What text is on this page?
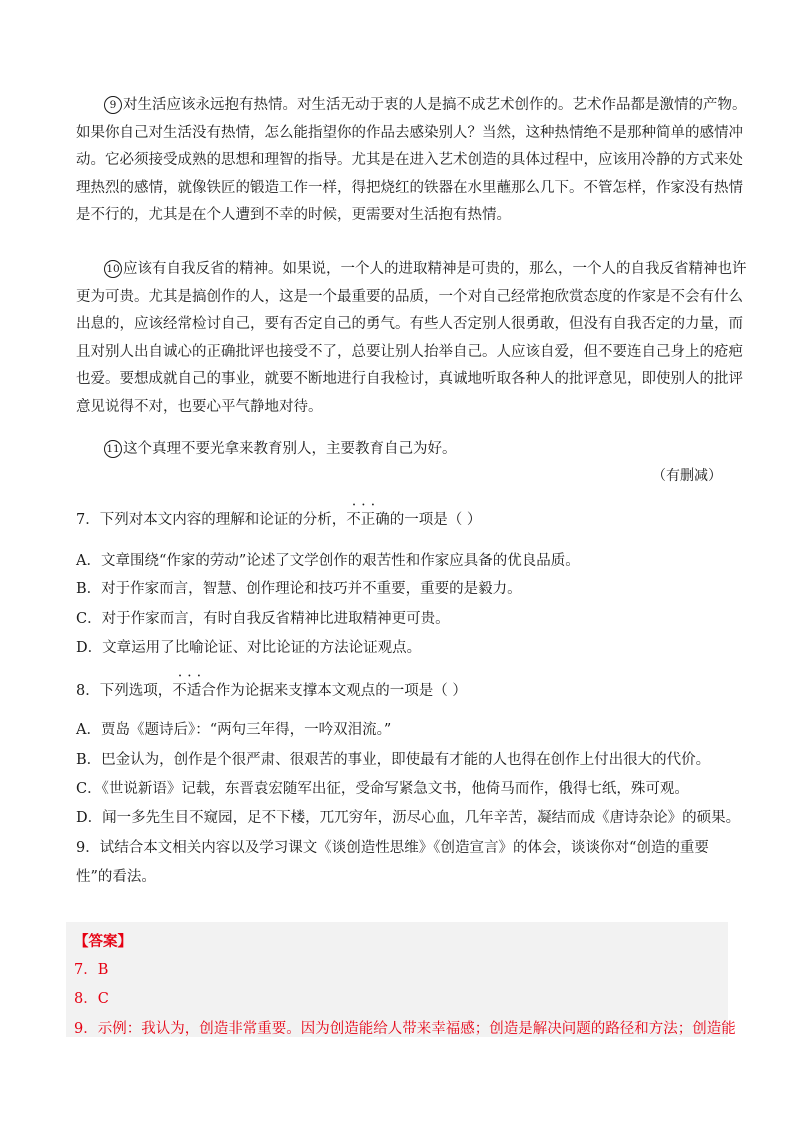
9 对生活应该永远抱有热情。对生活无动于衷的人是搞不成艺术创作的。艺术作品都是激情的产物。
如果你自己对生活没有热情，怎么能指望你的作品去感染别人？当然，这种热情绝不是那种简单的感情冲
动。它必须接受成熟的思想和理智的指导。尤其是在进入艺术创造的具体过程中，应该用冷静的方式来处
理热烈的感情，就像铁匠的锻造工作一样，得把烧红的铁器在水里蘸那么几下。不管怎样，作家没有热情
是不行的，尤其是在个人遭到不幸的时候，更需要对生活抱有热情。
10 应该有自我反省的精神。如果说，一个人的进取精神是可贵的，那么，一个人的自我反省精神也许
更为可贵。尤其是搞创作的人，这是一个最重要的品质，一个对自己经常抱欣赏态度的作家是不会有什么
出息的，应该经常检讨自己，要有否定自己的勇气。有些人否定别人很勇敢，但没有自我否定的力量，而
且对别人出自诚心的正确批评也接受不了，总要让别人抬举自己。人应该自爱，但不要连自己身上的疮疤
也爱。要想成就自己的事业，就要不断地进行自我检讨，真诚地听取各种人的批评意见，即使别人的批评
意见说得不对，也要心平气静地对待。
11 这个真理不要光拿来教育别人，主要教育自己为好。
（有删减）
7．下列对本文内容的理解和论证的分析，• • • 不正确的一项是（ ）
A．文章围绕“作家的劳动”论述了文学创作的艰苦性和作家应具备的优良品质。
B．对于作家而言，智慧、创作理论和技巧并不重要，重要的是毅力。
C．对于作家而言，有时自我反省精神比进取精神更可贵。
D．文章运用了比喻论证、对比论证的方法论证观点。
8．下列选项，• • • 不适合作为论据来支撑本文观点的一项是（ ）
A．贾岛《题诗后》：“两句三年得，一吟双泪流。”
B．巴金认为，创作是个很严肃、很艰苦的事业，即使最有才能的人也得在创作上付出很大的代价。
C．《世说新语》记载，东晋袁宏随军出征，受命写紧急文书，他倚马而作，俄得七纸，殊可观。
D．闻一多先生目不窥园，足不下楼，兀兀穷年，沥尽心血，几年辛苦，凝结而成《唐诗杂论》的硕果。
9．试结合本文相关内容以及学习课文《谈创造性思维》《创造宣言》的体会，谈谈你对“创造的重要
性”的看法。
【答案】
7．B
8．C
9．示例：我认为，创造非常重要。因为创造能给人带来幸福感；创造是解决问题的路径和方法；创造能
